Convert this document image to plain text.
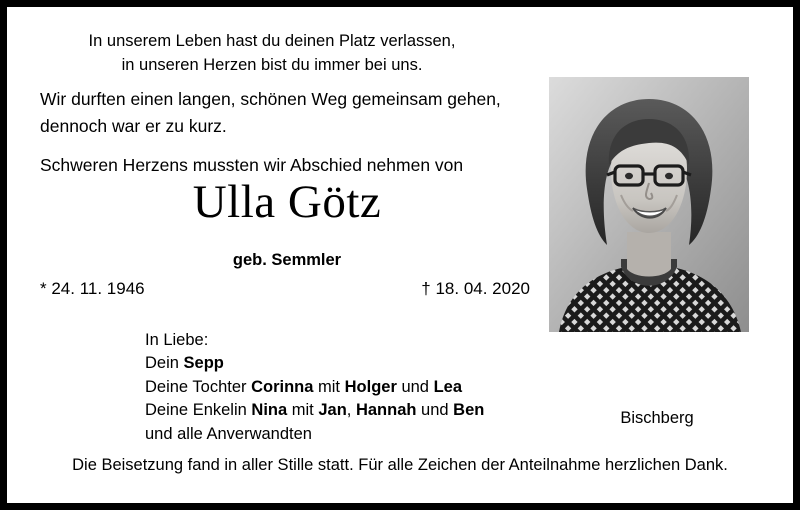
In unserem Leben hast du deinen Platz verlassen,
in unseren Herzen bist du immer bei uns.
Wir durften einen langen, schönen Weg gemeinsam gehen,
dennoch war er zu kurz.
Schweren Herzens mussten wir Abschied nehmen von
Ulla Götz
geb. Semmler
* 24. 11. 1946	† 18. 04. 2020
In Liebe:
Dein Sepp
Deine Tochter Corinna mit Holger und Lea
Deine Enkelin Nina mit Jan, Hannah und Ben
und alle Anverwandten
Bischberg
Die Beisetzung fand in aller Stille statt. Für alle Zeichen der Anteilnahme herzlichen Dank.
